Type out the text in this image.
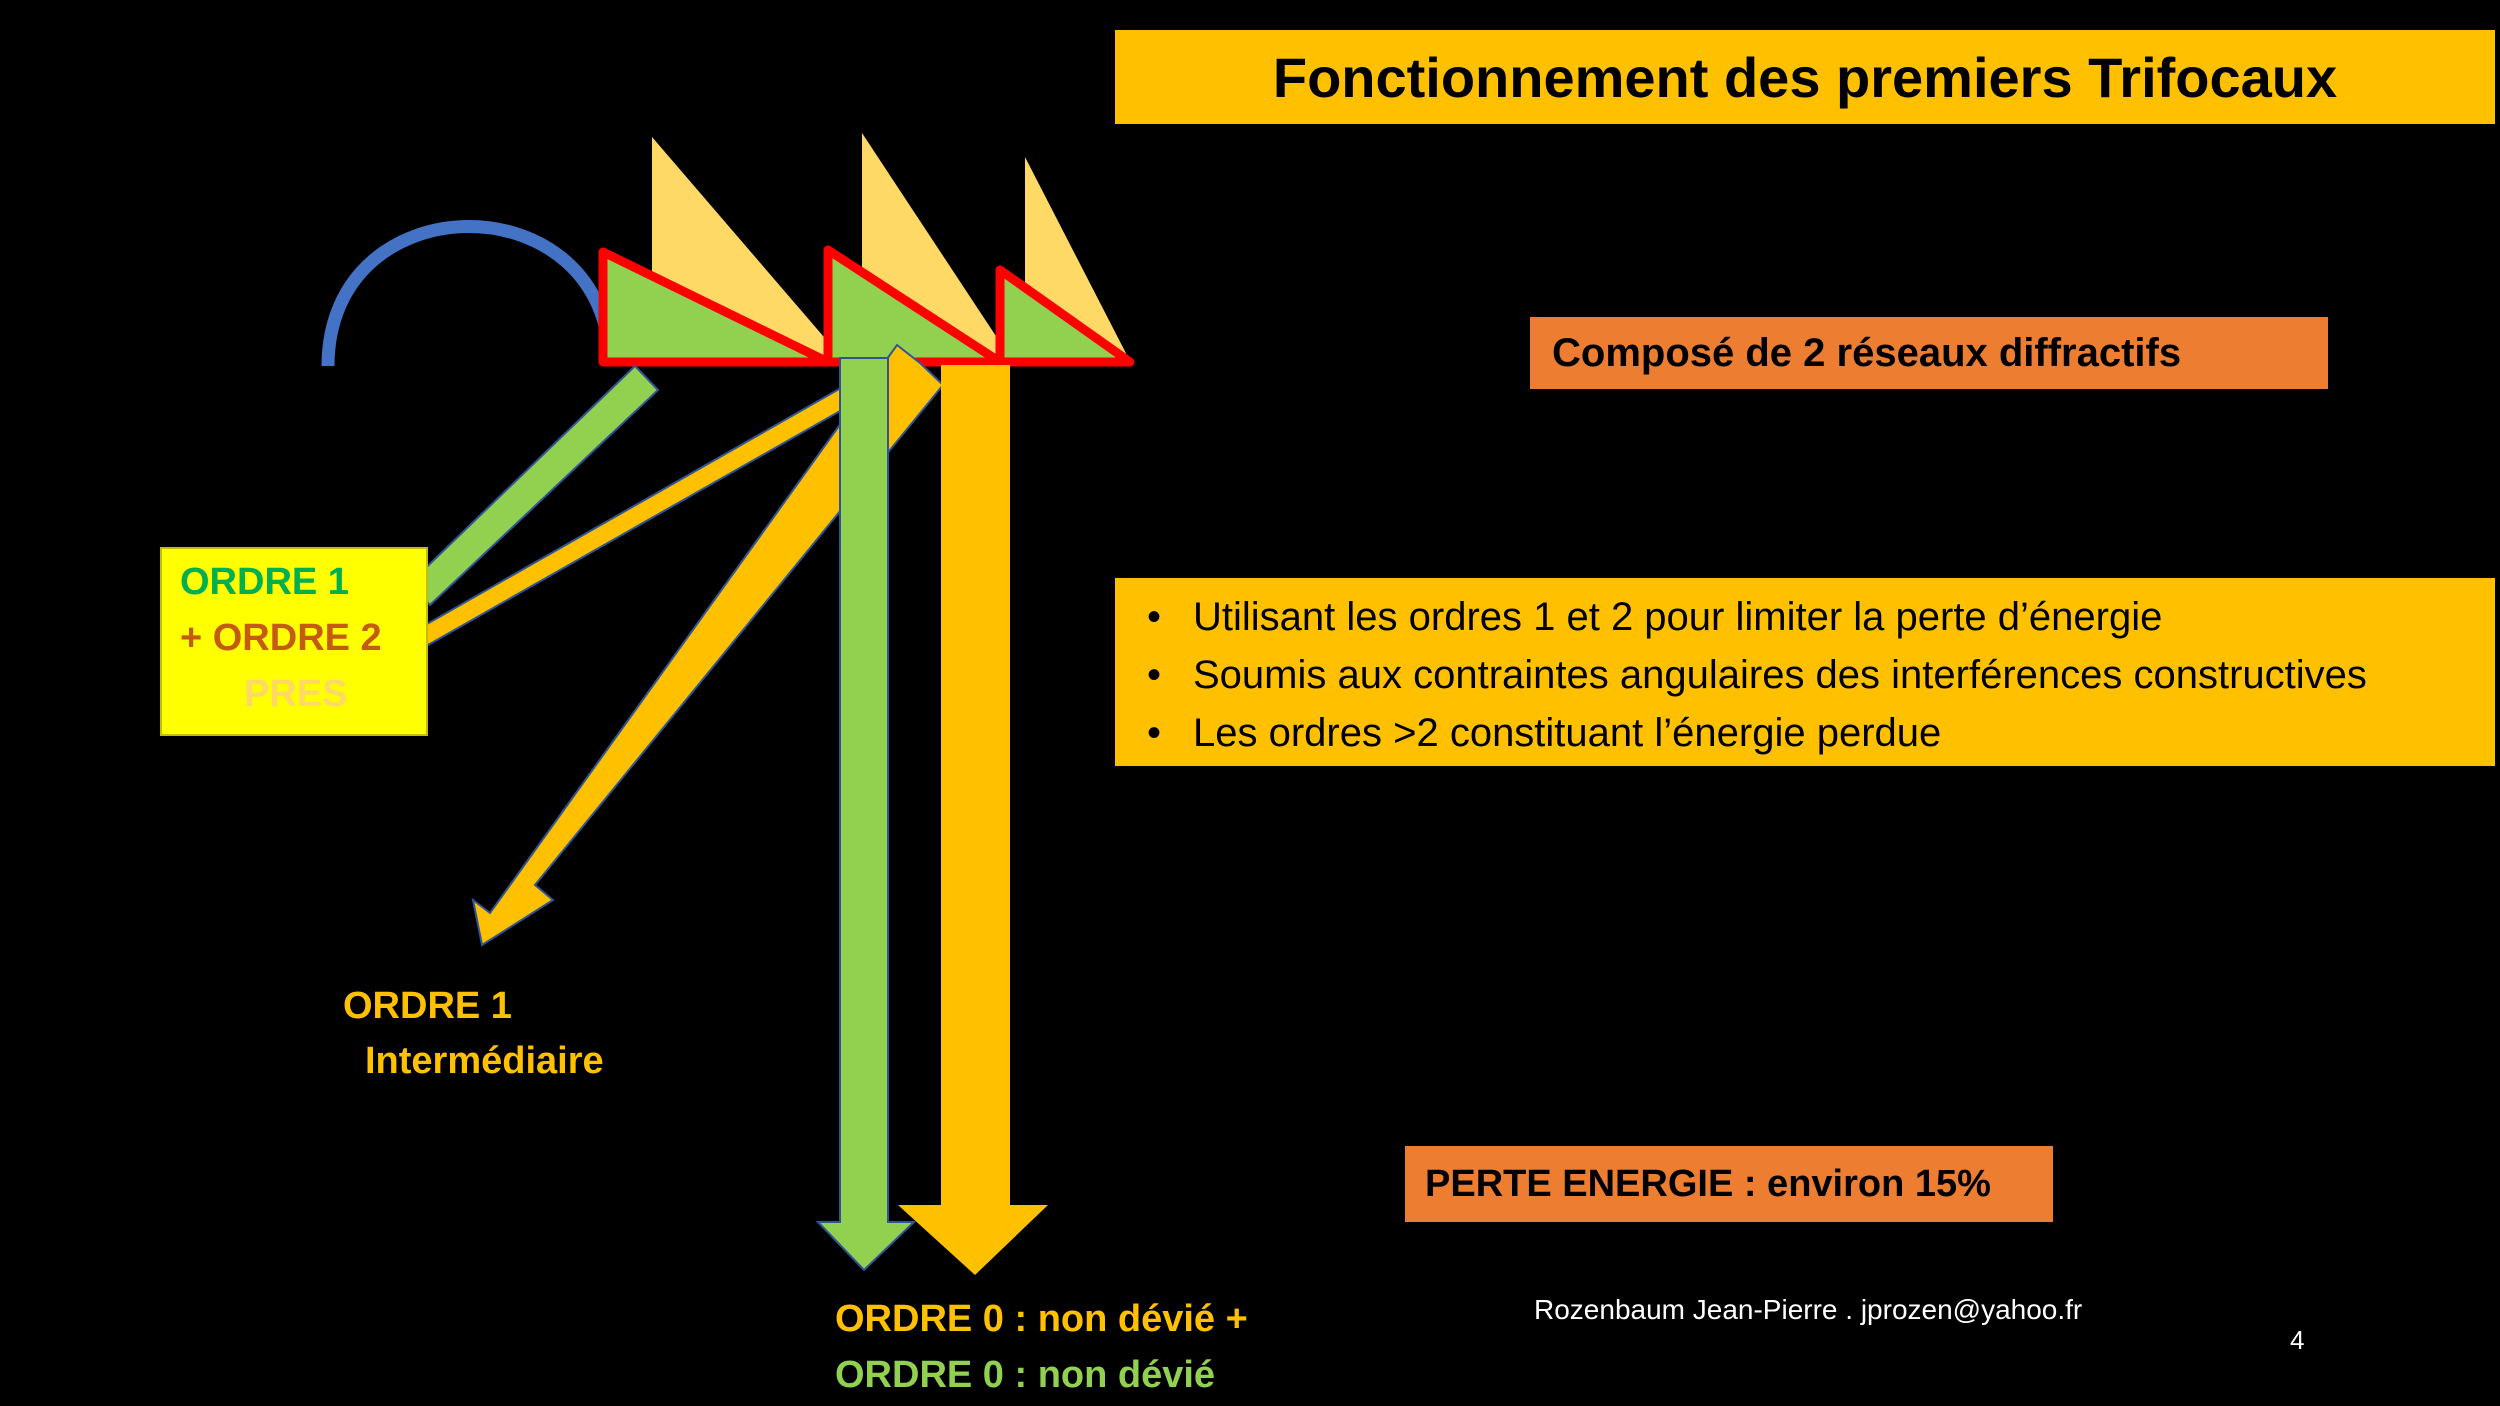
Fonctionnement des premiers Trifocaux
Composé de 2 réseaux diffractifs
• Utilisant les ordres 1 et 2 pour limiter la perte d’énergie
• Soumis aux contraintes angulaires des interférences constructives
• Les ordres >2 constituant l’énergie perdue
PERTE ENERGIE : environ 15%
ORDRE 1
+ ORDRE 2
PRES
ORDRE 1
Intermédiaire
ORDRE 0 : non dévié +
ORDRE 0 : non dévié
Rozenbaum Jean-Pierre . jprozen@yahoo.fr
4
